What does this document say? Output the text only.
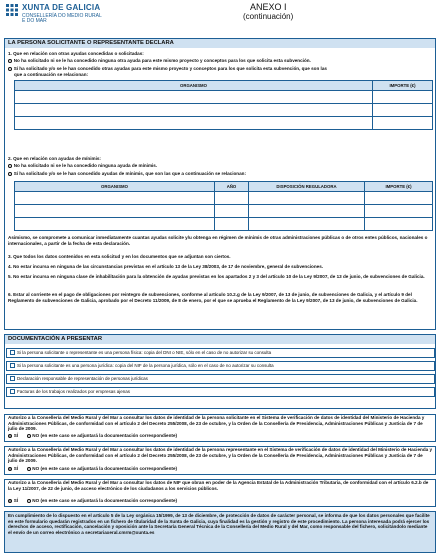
XUNTA DE GALICIA
CONSELLERÍA DO MEDIO RURAL
E DO MAR
ANEXO I
(continuación)
LA PERSONA SOLICITANTE O REPRESENTANTE DECLARA
1. Que en relación con otras ayudas concedidas o solicitadas:
No ha solicitado ni se le ha concedido ninguna otra ayuda para este mismo proyecto y conceptos para los que solicita esta subvención.
Sí ha solicitado y/o se le han concedido otras ayudas para este mismo proyecto y conceptos para los que solicita esta subvención, que son las
que a continuación se relacionan:
ORGANISMO	IMPORTE (€)

2. Que en relación con ayudas de mínimis:
No ha solicitado ni se le ha concedido ninguna ayuda de mínimis.
Sí ha solicitado y/o se le han concedido ayudas de mínimis, que son las que a continuación se relacionan:
ORGANISMO	AÑO	DISPOSICIÓN REGULADORA	IMPORTE (€)

Asimismo, se compromete a comunicar inmediatamente cuantas ayudas solicite y/u obtenga en régimen de mínimis de otras administraciones públicas o de otros entes públicos, nacionales o internacionales, a partir de la fecha de esta declaración.
3. Que todos los datos contenidos en esta solicitud y en los documentos que se adjuntan son ciertos.
4. No estar incursa en ninguna de las circunstancias previstas en el artículo 13 de la Ley 38/2003, de 17 de noviembre, general de subvenciones.
5. No estar incursa en ninguna clase de inhabilitación para la obtención de ayudas previstas en los apartados 2 y 3 del artículo 10 de la Ley 9/2007, de 13 de junio, de subvenciones de Galicia.
6. Estar al corriente en el pago de obligaciones por reintegro de subvenciones, conforme al artículo 10.2.g de la Ley 9/2007, de 13 de junio, de subvenciones de Galicia, y el artículo 9 del Reglamento de subvenciones de Galicia, aprobado por el Decreto 11/2009, de 8 de enero, por el que se aprueba el Reglamento de la Ley 9/2007, de 13 de junio, de subvenciones de Galicia.
DOCUMENTACIÓN A PRESENTAR
Si la persona solicitante o representante es una persona física: copia del DNI o NIE, sólo en el caso de no autorizar su consulta
Si la persona solicitante es una persona jurídica: copia del NIF de la persona jurídica, sólo en el caso de no autorizar su consulta
Declaración responsable de representación de personas jurídicas
Facturas de los trabajos realizados por empresas ajenas
Autorizo a la Consellería del Medio Rural y del Mar a consultar los datos de identidad de la persona solicitante en el Sistema de verificación de datos de identidad del Ministerio de Hacienda y Administraciones Públicas, de conformidad con el artículo 2 del Decreto 255/2008, de 23 de octubre, y la Orden de la Consellería de Presidencia, Administraciones Públicas y Justicia de 7 de julio de 2009.
SÍ	NO (en este caso se adjuntará la documentación correspondiente)
Autorizo a la Consellería del Medio Rural y del Mar a consultar los datos de identidad de la persona representante en el Sistema de verificación de datos de identidad del Ministerio de Hacienda y Administraciones Públicas, de conformidad con el artículo 2 del Decreto 255/2008, de 23 de octubre, y la Orden de la Consellería de Presidencia, Administraciones Públicas y Justicia de 7 de julio de 2009.
SÍ	NO (en este caso se adjuntará la documentación correspondiente)
Autorizo a la Consellería del Medio Rural y del Mar a consultar los datos de NIF que obran en poder de la Agencia Estatal de la Administración Tributaria, de conformidad con el artículo 6.2.b de la Ley 11/2007, de 22 de junio, de acceso electrónico de los ciudadanos a los servicios públicos.
SÍ	NO (en este caso se adjuntará la documentación correspondiente)
En cumplimiento de lo dispuesto en el artículo 5 de la Ley orgánica 15/1999, de 13 de diciembre, de protección de datos de carácter personal, se informa de que los datos personales que facilite en este formulario quedarán registrados en un fichero de titularidad de la Xunta de Galicia, cuya finalidad es la gestión y registro de este procedimiento. La persona interesada podrá ejercer los derechos de acceso, rectificación, cancelación y oposición ante la Secretaría General Técnica de la Consellería del Medio Rural y del Mar, como responsable del fichero, solicitándolo mediante el envío de un correo electrónico a secretariaxeral.cmrm@xunta.es
